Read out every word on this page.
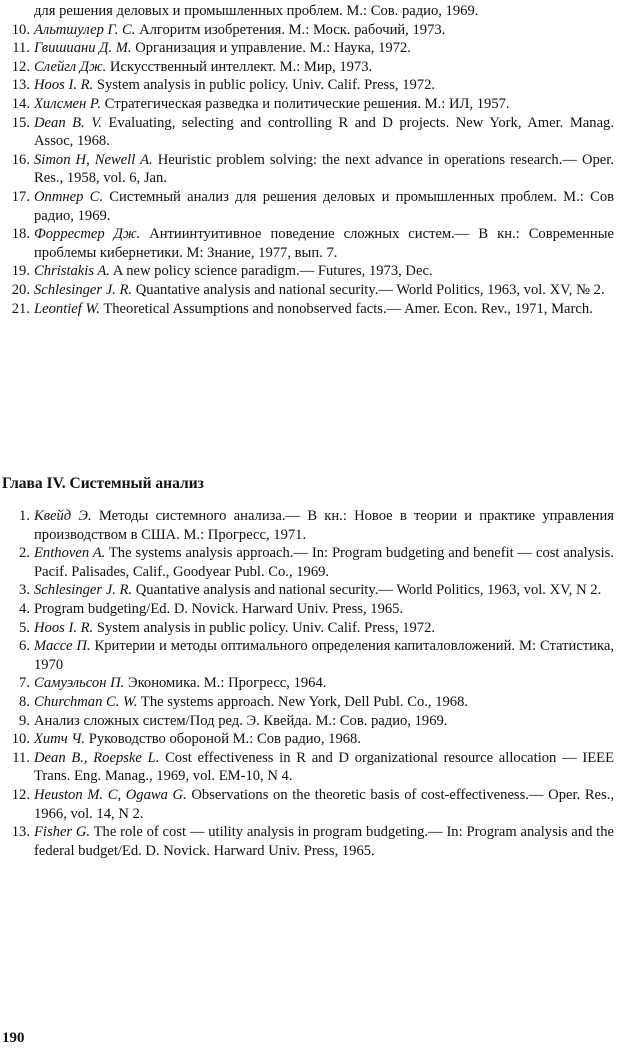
для решения деловых и промышленных проблем. М.: Сов. радио, 1969.
10. Альтшулер Г. С. Алгоритм изобретения. М.: Моск. рабочий, 1973.
11. Гвишиани Д. М. Организация и управление. М.: Наука, 1972.
12. Слейгл Дж. Искусственный интеллект. М.: Мир, 1973.
13. Hoos I. R. System analysis in public policy. Univ. Calif. Press, 1972.
14. Хилсмен Р. Стратегическая разведка и политические решения. М.: ИЛ, 1957.
15. Dean B. V. Evaluating, selecting and controlling R and D projects. New York, Amer. Manag. Assoc, 1968.
16. Simon H, Newell A. Heuristic problem solving: the next advance in operations research.— Oper. Res., 1958, vol. 6, Jan.
17. Оптнер С. Системный анализ для решения деловых и промышленных проблем. М.: Сов радио, 1969.
18. Форрестер Дж. Антиинтуитивное поведение сложных систем.— В кн.: Современные проблемы кибернетики. М: Знание, 1977, вып. 7.
19. Christakis A. A new policy science paradigm.— Futures, 1973, Dec.
20. Schlesinger J. R. Quantative analysis and national security.— World Politics, 1963, vol. XV, № 2.
21. Leontief W. Theoretical Assumptions and nonobserved facts.— Amer. Econ. Rev., 1971, March.
Глава IV. Системный анализ
1. Квейд Э. Методы системного анализа.— В кн.: Новое в теории и практике управления производством в США. М.: Прогресс, 1971.
2. Enthoven A. The systems analysis approach.— In: Program budgeting and benefit — cost analysis. Pacif. Palisades, Calif., Goodyear Publ. Co., 1969.
3. Schlesinger J. R. Quantative analysis and national security.— World Politics, 1963, vol. XV, N 2.
4. Program budgeting/Ed. D. Novick. Harward Univ. Press, 1965.
5. Hoos I. R. System analysis in public policy. Univ. Calif. Press, 1972.
6. Массе П. Критерии и методы оптимального определения капиталовложений. М: Статистика, 1970
7. Самуэльсон П. Экономика. М.: Прогресс, 1964.
8. Churchman C. W. The systems approach. New York, Dell Publ. Co., 1968.
9. Анализ сложных систем/Под ред. Э. Квейда. М.: Сов. радио, 1969.
10. Хитч Ч. Руководство обороной М.: Сов радио, 1968.
11. Dean B., Roepske L. Cost effectiveness in R and D organizational resource allocation — IEEE Trans. Eng. Manag., 1969, vol. EM-10, N 4.
12. Heuston M. C, Ogawa G. Observations on the theoretic basis of cost-effectiveness.— Oper. Res., 1966, vol. 14, N 2.
13. Fisher G. The role of cost — utility analysis in program budgeting.— In: Program analysis and the federal budget/Ed. D. Novick. Harward Univ. Press, 1965.
190
